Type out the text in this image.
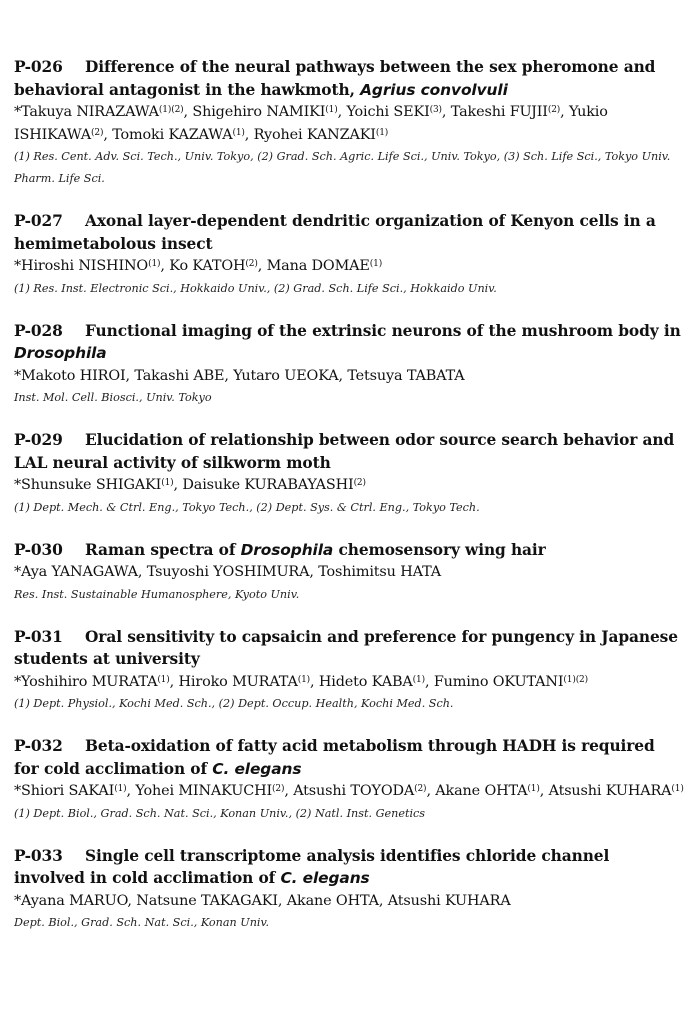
P-026 Difference of the neural pathways between the sex pheromone and behavioral antagonist in the hawkmoth, Agrius convolvuli
*Takuya $NIRAZAWA^{(1)(2)}$, Shigehiro NAMIKI$^{(1)}$, Yoichi SEKI$^{(3)}$, Takeshi FUJII$^{(2)}$, Yukio ISHIKAWA$^{(2)}$, Tomoki KAZAWA$^{(1)}$, Ryohei KANZAKI$^{(1)}$
(1) Res. Cent. Adv. Sci. Tech., Univ. Tokyo, (2) Grad. Sch. Agric. Life Sci., Univ. Tokyo, (3) Sch. Life Sci., Tokyo Univ. Pharm. Life Sci.
P-027 Axonal layer-dependent dendritic organization of Kenyon cells in a hemimetabolous insect
*Hiroshi NISHINO$^{(1)}$, Ko KATOH$^{(2)}$, Mana DOMAE$^{(1)}$
(1) Res. Inst. Electronic Sci., Hokkaido Univ., (2) Grad. Sch. Life Sci., Hokkaido Univ.
P-028 Functional imaging of the extrinsic neurons of the mushroom body in Drosophila
*Makoto HIROI, Takashi ABE, Yutaro UEOKA, Tetsuya TABATA
Inst. Mol. Cell. Biosci., Univ. Tokyo
P-029 Elucidation of relationship between odor source search behavior and LAL neural activity of silkworm moth
*Shunsuke SHIGAKI$^{(1)}$, Daisuke KURABAYASHI$^{(2)}$
(1) Dept. Mech. & Ctrl. Eng., Tokyo Tech., (2) Dept. Sys. & Ctrl. Eng., Tokyo Tech.
P-030 Raman spectra of Drosophila chemosensory wing hair
*Aya YANAGAWA, Tsuyoshi YOSHIMURA, Toshimitsu HATA
Res. Inst. Sustainable Humanosphere, Kyoto Univ.
P-031 Oral sensitivity to capsaicin and preference for pungency in Japanese students at university
*Yoshihiro MURATA$^{(1)}$, Hiroko MURATA$^{(1)}$, Hideto KABA$^{(1)}$, Fumino $OKUTANI^{(1)(2)}$
(1) Dept. Physiol., Kochi Med. Sch., (2) Dept. Occup. Health, Kochi Med. Sch.
P-032 Beta-oxidation of fatty acid metabolism through HADH is required for cold acclimation of C. elegans
*Shiori SAKAI$^{(1)}$, Yohei MINAKUCHI$^{(2)}$, Atsushi TOYODA$^{(2)}$, Akane OHTA$^{(1)}$, Atsushi KUHARA$^{(1)}$
(1) Dept. Biol., Grad. Sch. Nat. Sci., Konan Univ., (2) Natl. Inst. Genetics
P-033 Single cell transcriptome analysis identifies chloride channel involved in cold acclimation of C. elegans
*Ayana MARUO, Natsune TAKAGAKI, Akane OHTA, Atsushi KUHARA
Dept. Biol., Grad. Sch. Nat. Sci., Konan Univ.
